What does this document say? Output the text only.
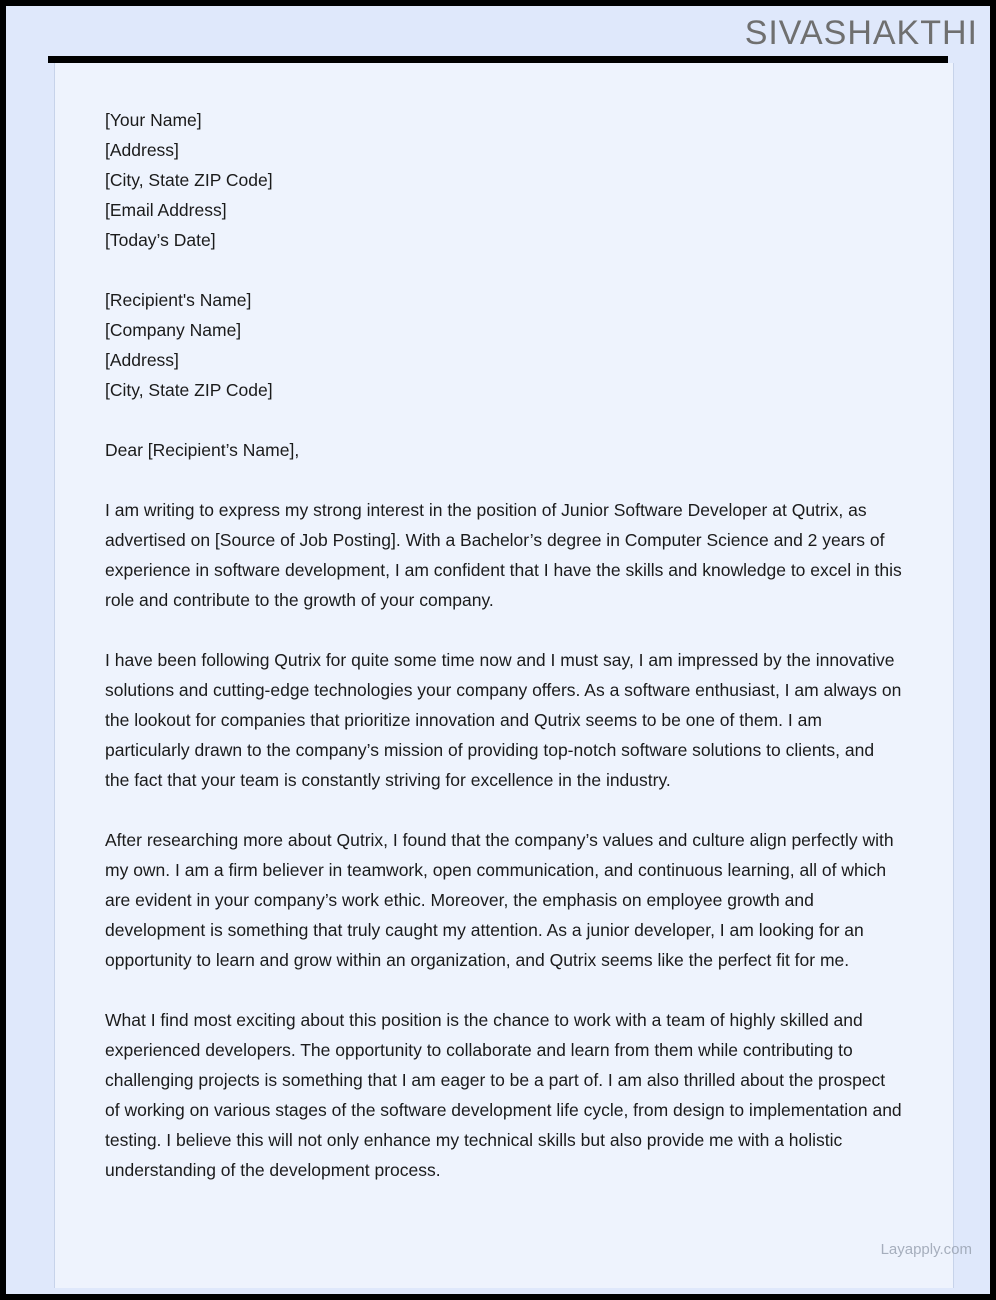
SIVASHAKTHI
[Your Name]
[Address]
[City, State ZIP Code]
[Email Address]
[Today’s Date]
[Recipient's Name]
[Company Name]
[Address]
[City, State ZIP Code]
Dear [Recipient’s Name],

I am writing to express my strong interest in the position of Junior Software Developer at Qutrix, as advertised on [Source of Job Posting]. With a Bachelor’s degree in Computer Science and 2 years of experience in software development, I am confident that I have the skills and knowledge to excel in this role and contribute to the growth of your company.

I have been following Qutrix for quite some time now and I must say, I am impressed by the innovative solutions and cutting-edge technologies your company offers. As a software enthusiast, I am always on the lookout for companies that prioritize innovation and Qutrix seems to be one of them. I am particularly drawn to the company’s mission of providing top-notch software solutions to clients, and the fact that your team is constantly striving for excellence in the industry.

After researching more about Qutrix, I found that the company’s values and culture align perfectly with my own. I am a firm believer in teamwork, open communication, and continuous learning, all of which are evident in your company’s work ethic. Moreover, the emphasis on employee growth and development is something that truly caught my attention. As a junior developer, I am looking for an opportunity to learn and grow within an organization, and Qutrix seems like the perfect fit for me.

What I find most exciting about this position is the chance to work with a team of highly skilled and experienced developers. The opportunity to collaborate and learn from them while contributing to challenging projects is something that I am eager to be a part of. I am also thrilled about the prospect of working on various stages of the software development life cycle, from design to implementation and testing. I believe this will not only enhance my technical skills but also provide me with a holistic understanding of the development process.

Layapply.com
